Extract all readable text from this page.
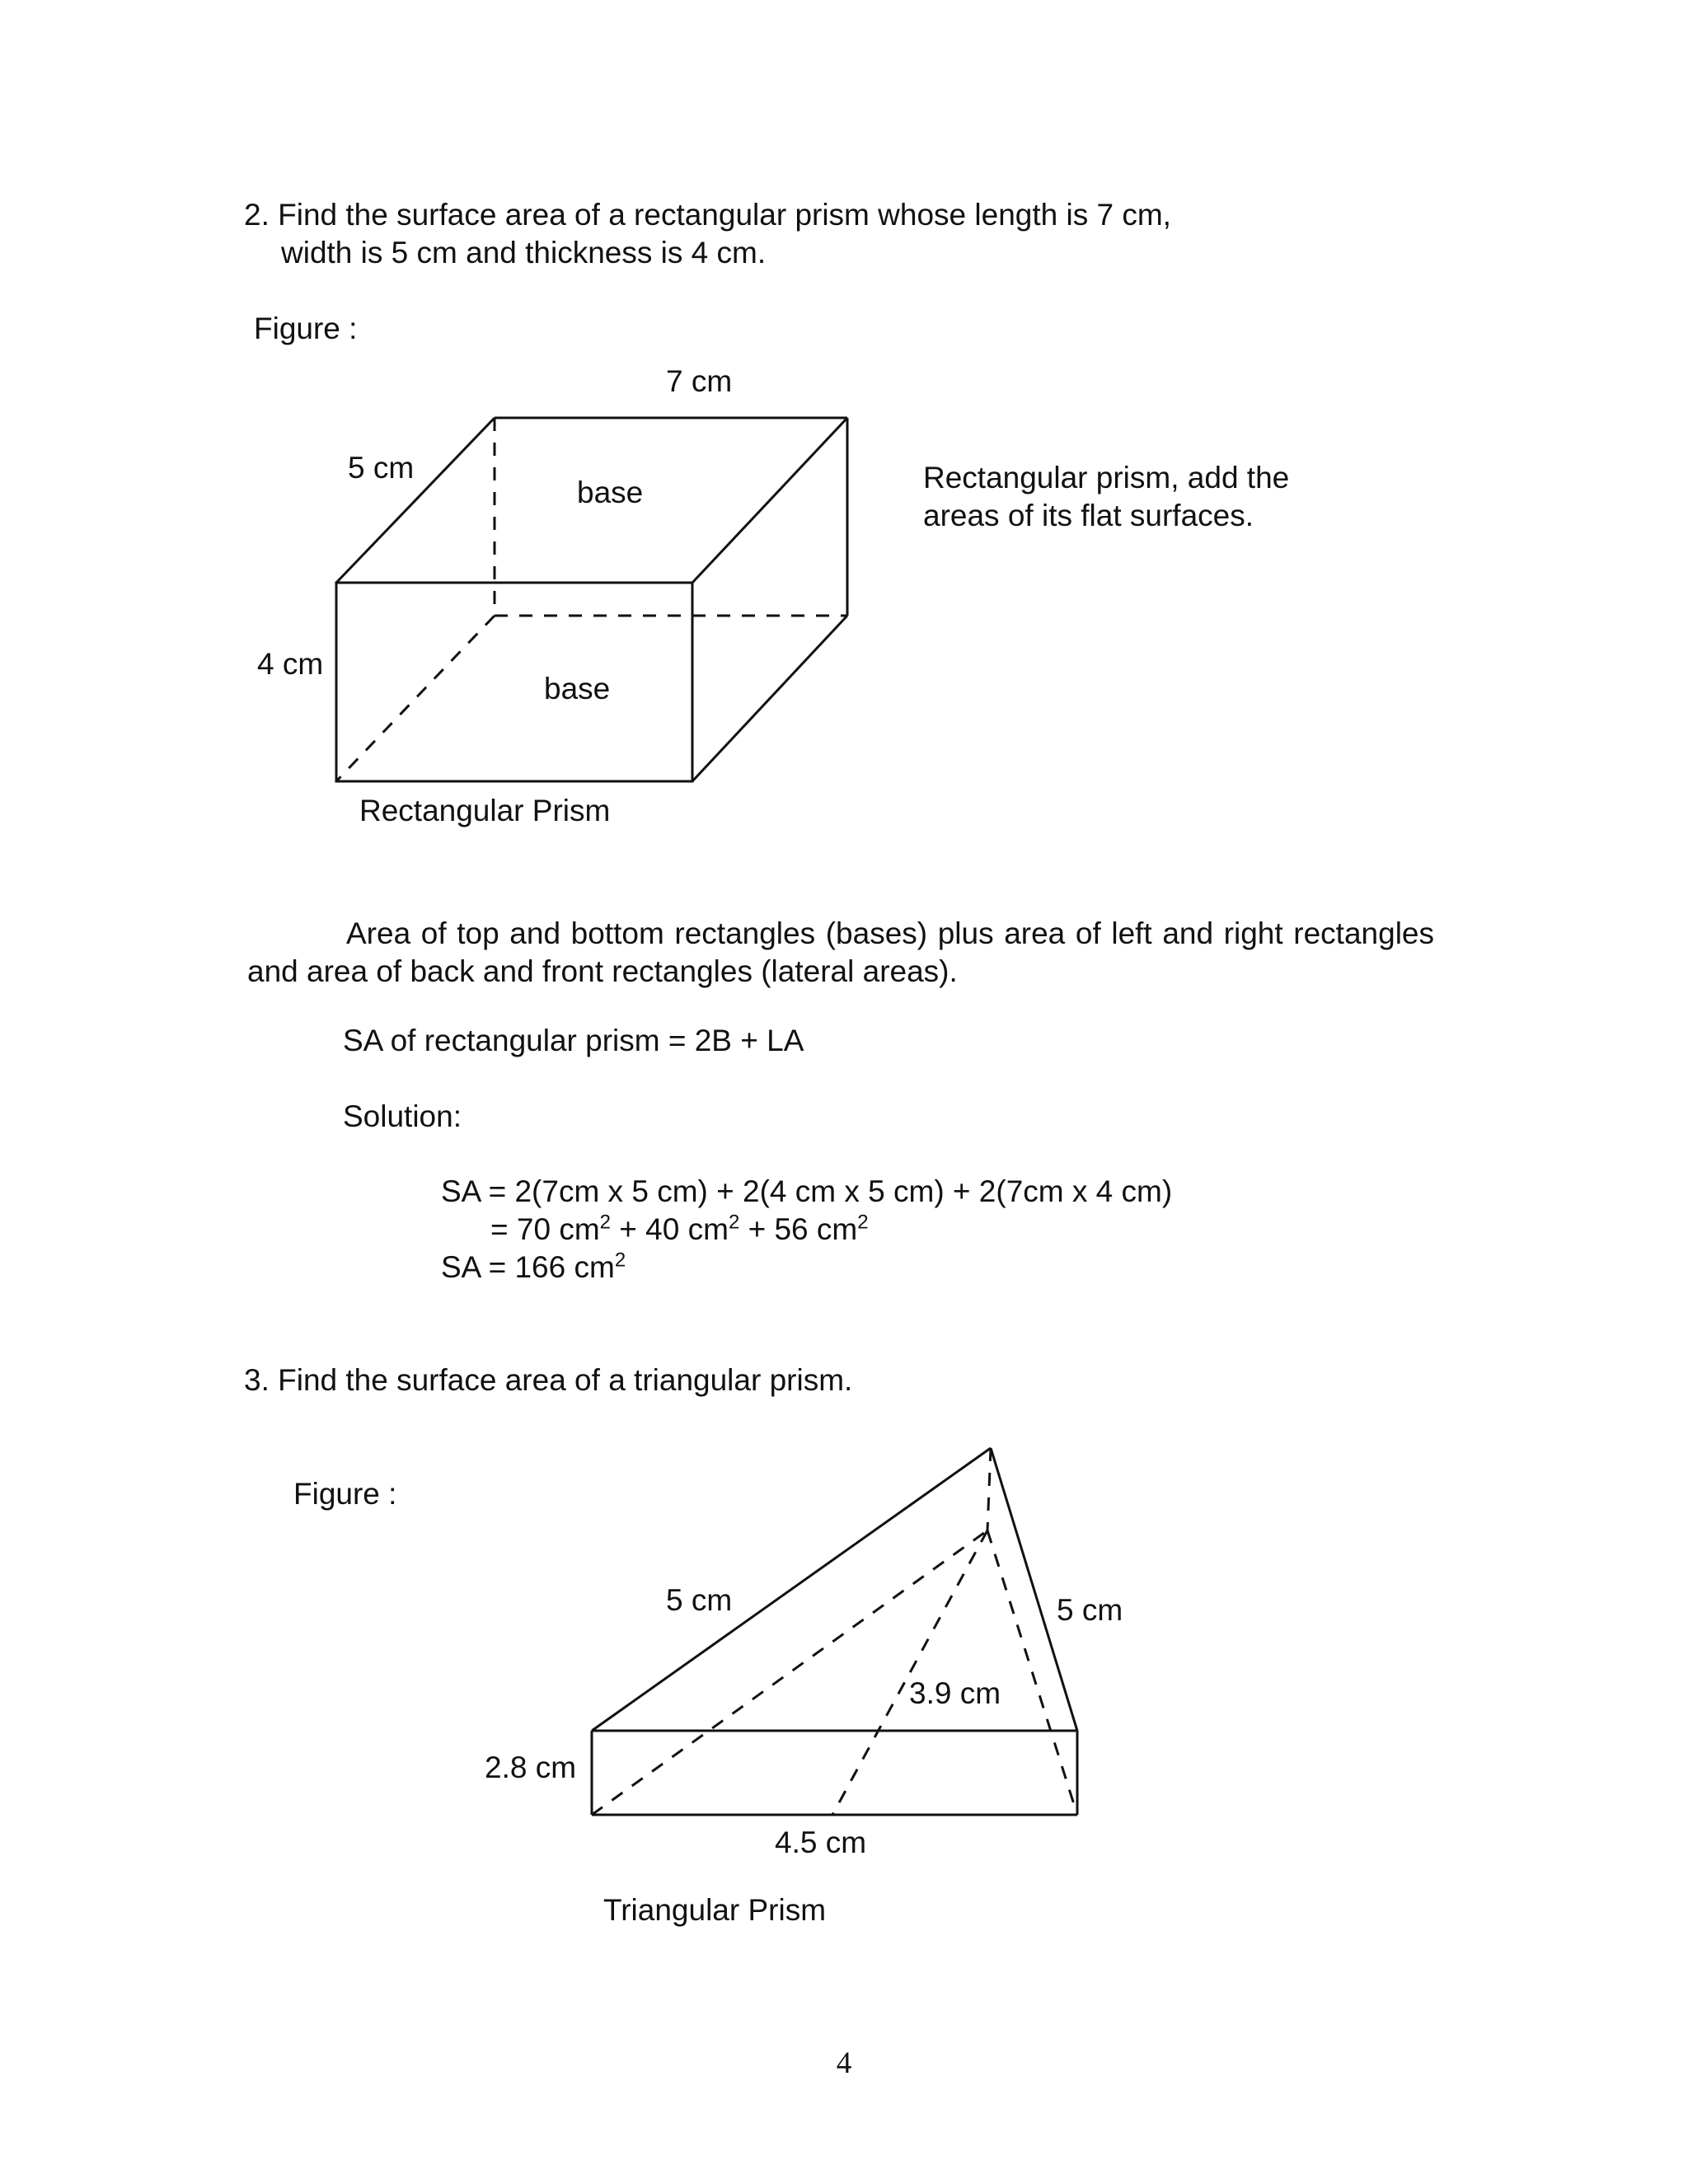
2. Find the surface area of a rectangular prism whose length is 7 cm,
width is 5 cm and thickness is 4 cm.
Figure :
7 cm
5 cm
base
4 cm
base
Rectangular Prism
Rectangular prism, add the
areas of its flat surfaces.
Area of top and bottom rectangles (bases) plus area of left and right rectangles and area of back and front rectangles (lateral areas).
SA of rectangular prism = 2B + LA
Solution:
SA = 2(7cm x 5 cm) + 2(4 cm x 5 cm) + 2(7cm x 4 cm)
= 70 $cm^2 + 40$ $cm^2 + 56$ $cm^2$
SA = 166 $cm^2$
3. Find the surface area of a triangular prism.
Figure :
5 cm	5 cm
3.9 cm
2.8 cm
4.5 cm
Triangular Prism
4
